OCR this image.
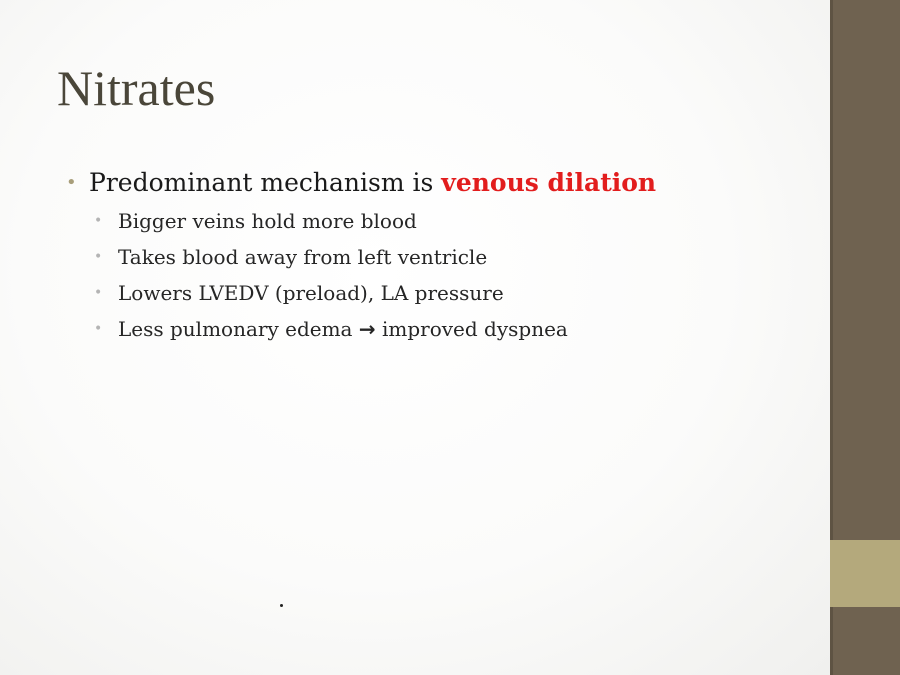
Nitrates
• Predominant mechanism is venous dilation
• Bigger veins hold more blood
• Takes blood away from left ventricle
• Lowers LVEDV (preload), LA pressure
• Less pulmonary edema → improved dyspnea
